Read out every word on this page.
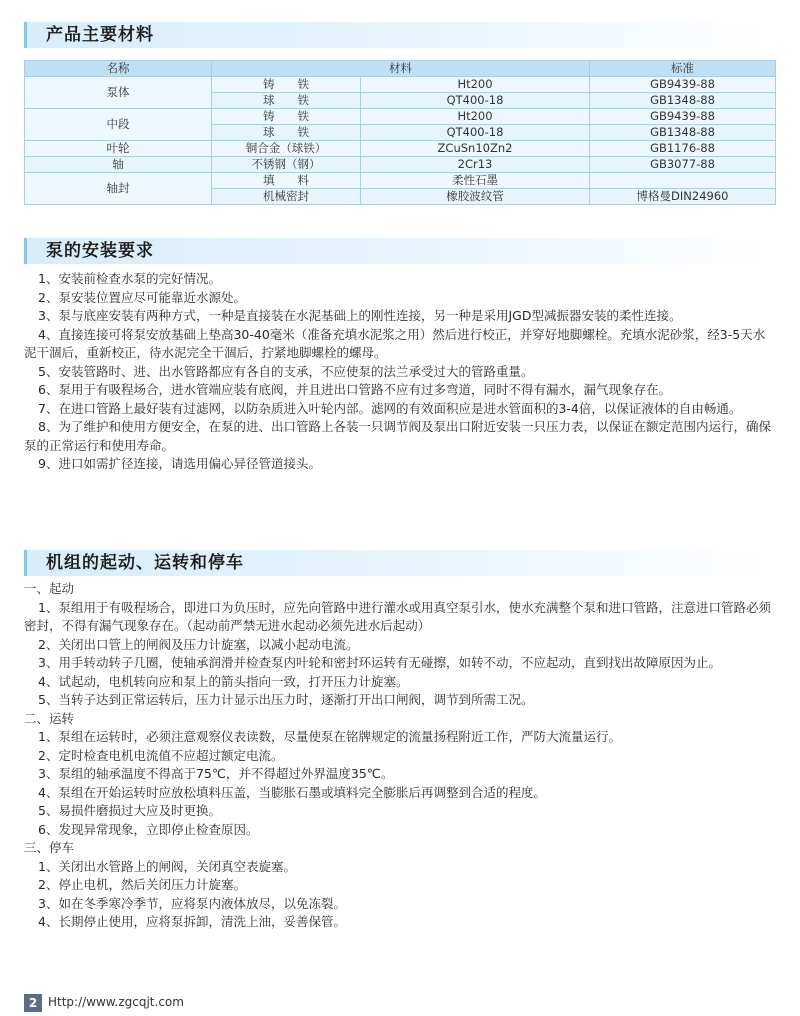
产品主要材料
名称	材料		标准
泵体	铸　　铁	Ht200	GB9439-88
	球　　铁	QT400-18	GB1348-88
中段	铸　　铁	Ht200	GB9439-88
	球　　铁	QT400-18	GB1348-88
叶轮	铜合金（球铁）	ZCuSn10Zn2	GB1176-88
轴	不锈钢（钢）	2Cr13	GB3077-88
轴封	填　　料	柔性石墨	
	机械密封	橡胶波纹管	博格曼DIN24960
泵的安装要求

1、安装前检查水泵的完好情况。

2、泵安装位置应尽可能靠近水源处。

3、泵与底座安装有两种方式，一种是直接装在水泥基础上的刚性连接，另一种是采用JGD型减振器安装的柔性连接。

4、直接连接可将泵安放基础上垫高30-40毫米（准备充填水泥浆之用）然后进行校正，并穿好地脚螺栓。充填水泥砂浆，经3-5天水泥干涸后，重新校正，待水泥完全干涸后，拧紧地脚螺栓的螺母。

5、安装管路时、进、出水管路都应有各自的支承，不应使泵的法兰承受过大的管路重量。

6、泵用于有吸程场合，进水管端应装有底阀，并且进出口管路不应有过多弯道，同时不得有漏水，漏气现象存在。

7、在进口管路上最好装有过滤网，以防杂质进入叶轮内部。滤网的有效面积应是进水管面积的3-4倍，以保证液体的自由畅通。

8、为了维护和使用方便安全，在泵的进、出口管路上各装一只调节阀及泵出口附近安装一只压力表，以保证在额定范围内运行，确保泵的正常运行和使用寿命。

9、进口如需扩径连接，请选用偏心异径管道接头。

机组的起动、运转和停车

一、起动

1、泵组用于有吸程场合，即进口为负压时，应先向管路中进行灌水或用真空泵引水，使水充满整个泵和进口管路，注意进口管路必须密封，不得有漏气现象存在。（起动前严禁无进水起动必须先进水后起动）

2、关闭出口管上的闸阀及压力计旋塞，以减小起动电流。

3、用手转动转子几圈，使轴承润滑并检查泵内叶轮和密封环运转有无碰擦，如转不动，不应起动，直到找出故障原因为止。

4、试起动，电机转向应和泵上的箭头指向一致，打开压力计旋塞。

5、当转子达到正常运转后，压力计显示出压力时，逐渐打开出口闸阀，调节到所需工况。

二、运转

1、泵组在运转时，必须注意观察仪表读数，尽量使泵在铭牌规定的流量扬程附近工作，严防大流量运行。

2、定时检查电机电流值不应超过额定电流。

3、泵组的轴承温度不得高于75℃，并不得超过外界温度35℃。

4、泵组在开始运转时应放松填料压盖，当膨胀石墨或填料完全膨胀后再调整到合适的程度。

5、易损件磨损过大应及时更换。

6、发现异常现象，立即停止检查原因。

三、停车

1、关闭出水管路上的闸阀，关闭真空表旋塞。

2、停止电机，然后关闭压力计旋塞。

3、如在冬季寒冷季节，应将泵内液体放尽，以免冻裂。

4、长期停止使用，应将泵拆卸，清洗上油，妥善保管。

2 Http://www.zgcqjt.com
